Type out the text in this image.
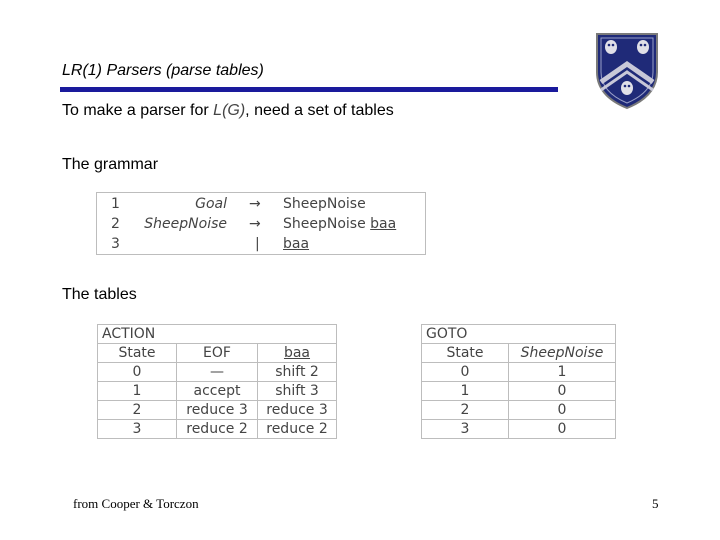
LR(1) Parsers (parse tables)
To make a parser for L(G), need a set of tables
The grammar
1	Goal → SheepNoise
2 SheepNoise → SheepNoise baa
3	| baa
The tables
ACTION		
State	EOF	baa
0	—	shift 2
1	accept	shift 3
2	reduce 3	reduce 3
3	reduce 2	reduce 2
GOTO	
State	SheepNoise
0	1
1	0
2	0
3	0
from Cooper & Torczon	5
